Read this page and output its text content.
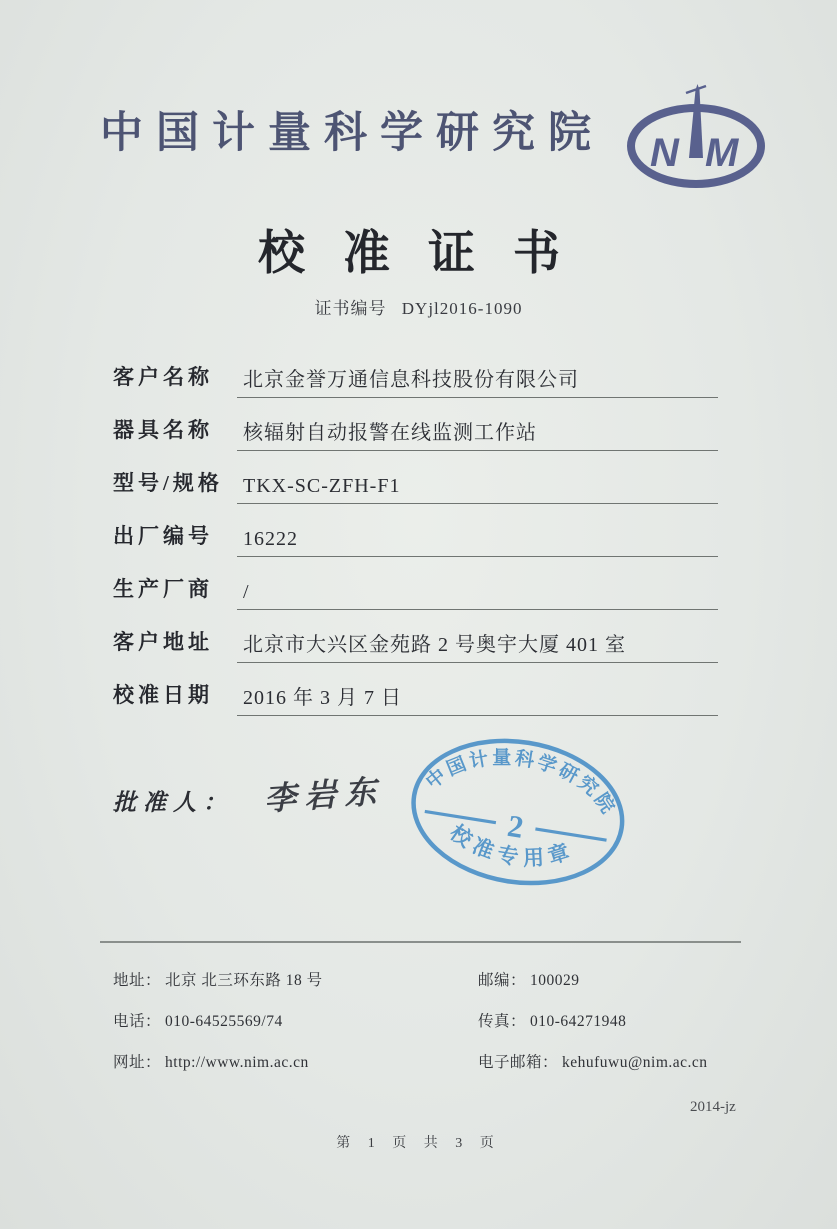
中国计量科学研究院 N M
校准证书
证书编号 DYjl2016-1090
客户名称	北京金誉万通信息科技股份有限公司
器具名称	核辐射自动报警在线监测工作站
型号/规格	TKX-SC-ZFH-F1
出厂编号	16222
生产厂商	/
客户地址	北京市大兴区金苑路 2 号奥宇大厦 401 室
校准日期	2016 年 3 月 7 日
批准人： 李岩东 中国计量科学研究院
2
校准专用章
地址： 北京 北三环东路 18 号	邮编： 100029
电话： 010-64525569/74	传真： 010-64271948
网址： http://www.nim.ac.cn	电子邮箱： kehufuwu@nim.ac.cn
2014-jz
第 1 页 共 3 页
